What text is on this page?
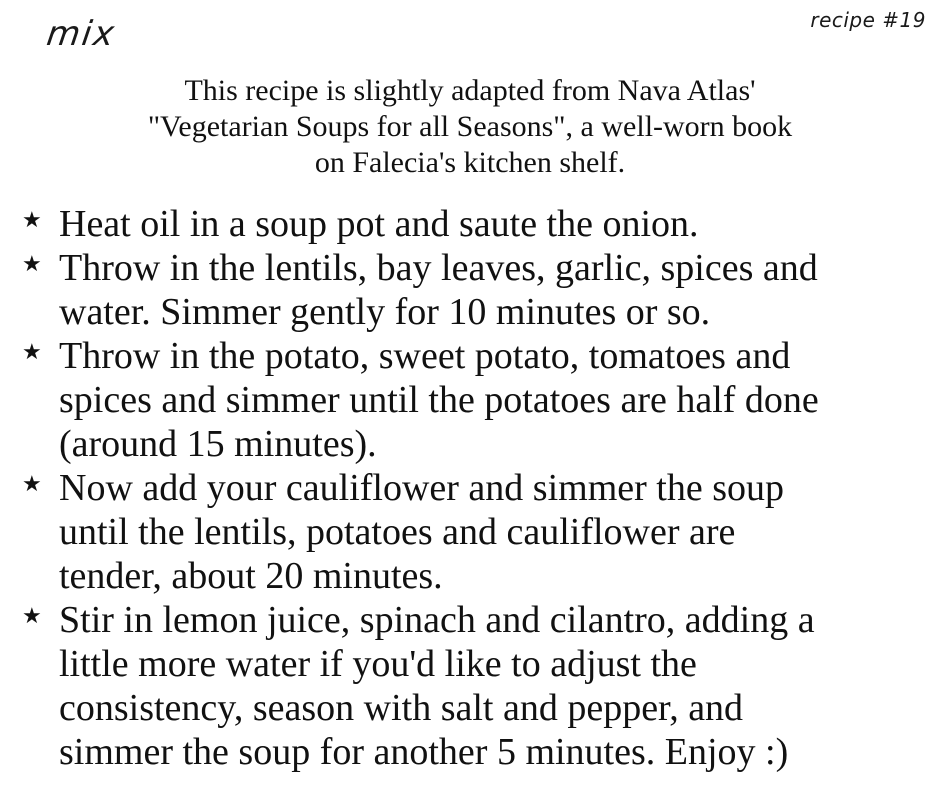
mix	recipe #19
This recipe is slightly adapted from Nava Atlas'
"Vegetarian Soups for all Seasons", a well-worn book
on Falecia's kitchen shelf.
★ Heat oil in a soup pot and saute the onion.
★ Throw in the lentils, bay leaves, garlic, spices and
water. Simmer gently for 10 minutes or so.
★ Throw in the potato, sweet potato, tomatoes and
spices and simmer until the potatoes are half done
(around 15 minutes).
★ Now add your cauliflower and simmer the soup
until the lentils, potatoes and cauliflower are
tender, about 20 minutes.
★ Stir in lemon juice, spinach and cilantro, adding a
little more water if you'd like to adjust the
consistency, season with salt and pepper, and
simmer the soup for another 5 minutes. Enjoy :)
